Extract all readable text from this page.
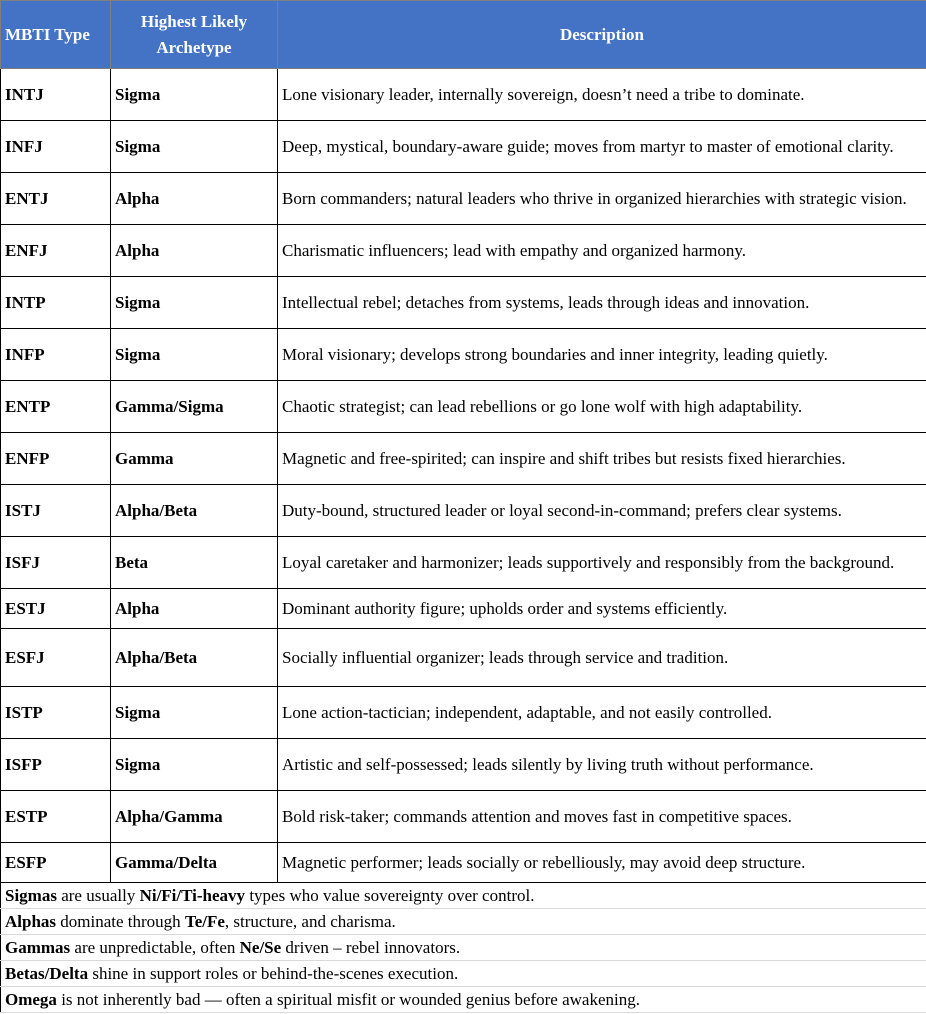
MBTI Type	Highest Likely Archetype	Description
INTJ	Sigma	Lone visionary leader, internally sovereign, doesn’t need a tribe to dominate.
INFJ	Sigma	Deep, mystical, boundary-aware guide; moves from martyr to master of emotional clarity.
ENTJ	Alpha	Born commanders; natural leaders who thrive in organized hierarchies with strategic vision.
ENFJ	Alpha	Charismatic influencers; lead with empathy and organized harmony.
INTP	Sigma	Intellectual rebel; detaches from systems, leads through ideas and innovation.
INFP	Sigma	Moral visionary; develops strong boundaries and inner integrity, leading quietly.
ENTP	Gamma/Sigma	Chaotic strategist; can lead rebellions or go lone wolf with high adaptability.
ENFP	Gamma	Magnetic and free-spirited; can inspire and shift tribes but resists fixed hierarchies.
ISTJ	Alpha/Beta	Duty-bound, structured leader or loyal second-in-command; prefers clear systems.
ISFJ	Beta	Loyal caretaker and harmonizer; leads supportively and responsibly from the background.
ESTJ	Alpha	Dominant authority figure; upholds order and systems efficiently.
ESFJ	Alpha/Beta	Socially influential organizer; leads through service and tradition.
ISTP	Sigma	Lone action-tactician; independent, adaptable, and not easily controlled.
ISFP	Sigma	Artistic and self-possessed; leads silently by living truth without performance.
ESTP	Alpha/Gamma	Bold risk-taker; commands attention and moves fast in competitive spaces.
ESFP	Gamma/Delta	Magnetic performer; leads socially or rebelliously, may avoid deep structure.
Sigmas are usually Ni/Fi/Ti-heavy types who value sovereignty over control.		
Alphas dominate through Te/Fe, structure, and charisma.		
Gammas are unpredictable, often Ne/Se driven – rebel innovators.		
Betas/Delta shine in support roles or behind-the-scenes execution.		
Omega is not inherently bad — often a spiritual misfit or wounded genius before awakening.		
